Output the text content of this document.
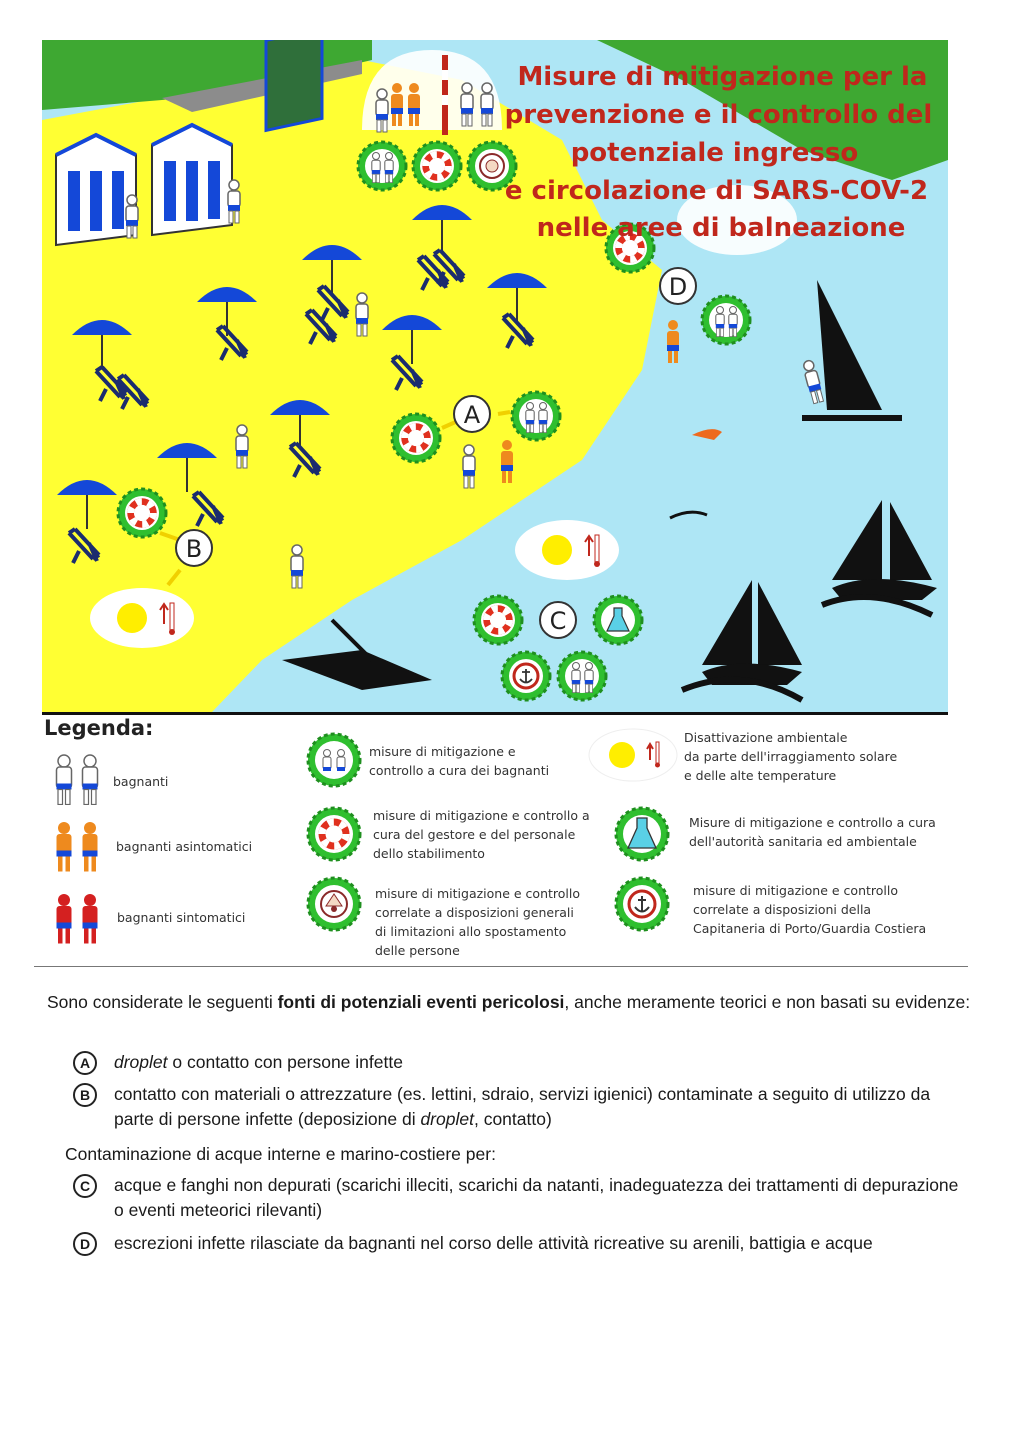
A
B
C
D
Misure di mitigazione per la prevenzione e il controllo del potenziale ingresso e circolazione di SARS-COV-2 nelle aree di balneazione
Legenda:
bagnanti
bagnanti asintomatici
bagnanti sintomatici
misure di mitigazione e
controllo a cura dei bagnanti
misure di mitigazione e controllo a
cura del gestore e del personale
dello stabilimento
misure di mitigazione e controllo
correlate a disposizioni generali
di limitazioni allo spostamento
delle persone
Disattivazione ambientale
da parte dell'irraggiamento solare
e delle alte temperature
Misure di mitigazione e controllo a cura
dell'autorità sanitaria ed ambientale
misure di mitigazione e controllo
correlate a disposizioni della
Capitaneria di Porto/Guardia Costiera
Sono considerate le seguenti fonti di potenziali eventi pericolosi, anche meramente teorici e non basati su evidenze:
A	droplet o contatto con persone infette
B	contatto con materiali o attrezzature (es. lettini, sdraio, servizi igienici) contaminate a seguito di utilizzo da parte di persone infette (deposizione di droplet, contatto)
Contaminazione di acque interne e marino-costiere per:
C	acque e fanghi non depurati (scarichi illeciti, scarichi da natanti, inadeguatezza dei trattamenti di depurazione o eventi meteorici rilevanti)
D	escrezioni infette rilasciate da bagnanti nel corso delle attività ricreative su arenili, battigia e acque
